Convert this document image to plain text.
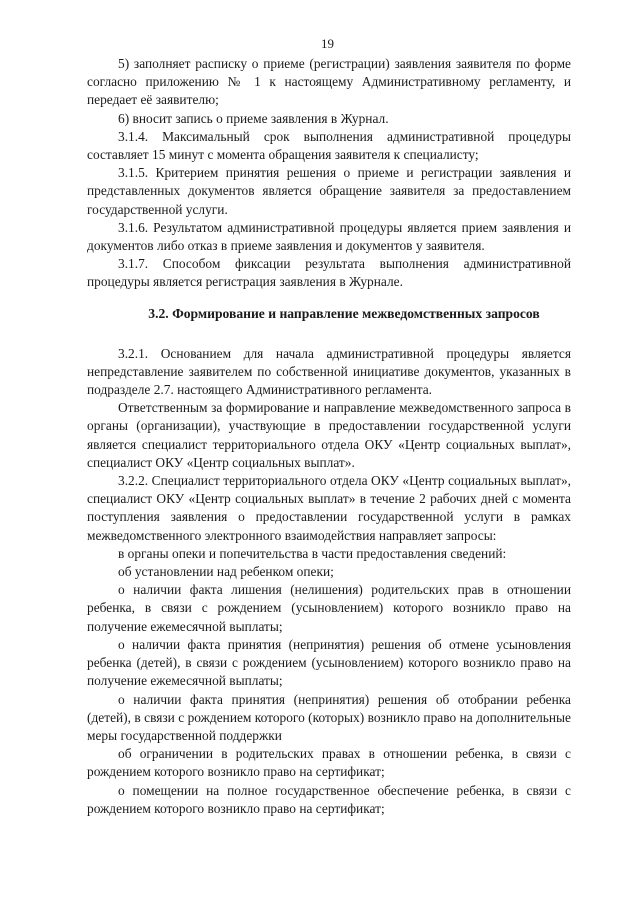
19

5) заполняет расписку о приеме (регистрации) заявления заявителя по форме согласно приложению № 1 к настоящему Административному регламенту, и передает её заявителю;

6) вносит запись о приеме заявления в Журнал.

3.1.4. Максимальный срок выполнения административной процедуры составляет 15 минут с момента обращения заявителя к специалисту;

3.1.5. Критерием принятия решения о приеме и регистрации заявления и представленных документов является обращение заявителя за предоставлением государственной услуги.

3.1.6. Результатом административной процедуры является прием заявления и документов либо отказ в приеме заявления и документов у заявителя.

3.1.7. Способом фиксации результата выполнения административной процедуры является регистрация заявления в Журнале.

3.2. Формирование и направление межведомственных запросов

3.2.1. Основанием для начала административной процедуры является непредставление заявителем по собственной инициативе документов, указанных в подразделе 2.7. настоящего Административного регламента.

Ответственным за формирование и направление межведомственного запроса в органы (организации), участвующие в предоставлении государственной услуги является специалист территориального отдела ОКУ «Центр социальных выплат», специалист ОКУ «Центр социальных выплат».

3.2.2. Специалист территориального отдела ОКУ «Центр социальных выплат», специалист ОКУ «Центр социальных выплат» в течение 2 рабочих дней с момента поступления заявления о предоставлении государственной услуги в рамках межведомственного электронного взаимодействия направляет запросы:

в органы опеки и попечительства в части предоставления сведений:

об установлении над ребенком опеки;

о наличии факта лишения (нелишения) родительских прав в отношении ребенка, в связи с рождением (усыновлением) которого возникло право на получение ежемесячной выплаты;

о наличии факта принятия (непринятия) решения об отмене усыновления ребенка (детей), в связи с рождением (усыновлением) которого возникло право на получение ежемесячной выплаты;

о наличии факта принятия (непринятия) решения об отобрании ребенка (детей), в связи с рождением которого (которых) возникло право на дополнительные меры государственной поддержки

об ограничении в родительских правах в отношении ребенка, в связи с рождением которого возникло право на сертификат;

о помещении на полное государственное обеспечение ребенка, в связи с рождением которого возникло право на сертификат;
